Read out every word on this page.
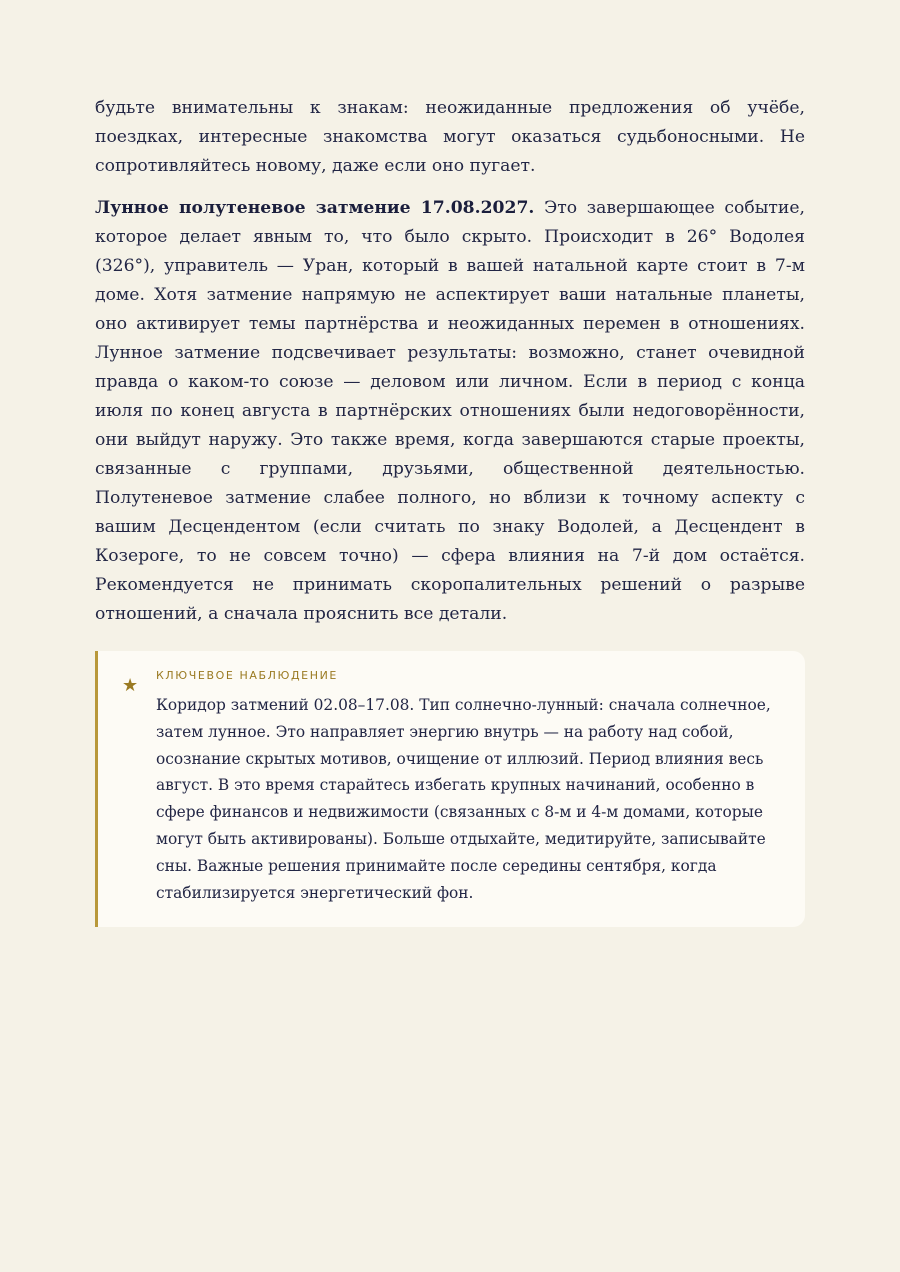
будьте внимательны к знакам: неожиданные предложения об учёбе, поездках, интересные знакомства могут оказаться судьбоносными. Не сопротивляйтесь новому, даже если оно пугает.

Лунное полутеневое затмение 17.08.2027. Это завершающее событие, которое делает явным то, что было скрыто. Происходит в 26° Водолея (326°), управитель — Уран, который в вашей натальной карте стоит в 7-м доме. Хотя затмение напрямую не аспектирует ваши натальные планеты, оно активирует темы партнёрства и неожиданных перемен в отношениях. Лунное затмение подсвечивает результаты: возможно, станет очевидной правда о каком-то союзе — деловом или личном. Если в период с конца июля по конец августа в партнёрских отношениях были недоговорённости, они выйдут наружу. Это также время, когда завершаются старые проекты, связанные с группами, друзьями, общественной деятельностью. Полутеневое затмение слабее полного, но вблизи к точному аспекту с вашим Десцендентом (если считать по знаку Водолей, а Десцендент в Козероге, то не совсем точно) — сфера влияния на 7-й дом остаётся. Рекомендуется не принимать скоропалительных решений о разрыве отношений, а сначала прояснить все детали.

★ КЛЮЧЕВОЕ НАБЛЮДЕНИЕ

Коридор затмений 02.08–17.08. Тип солнечно-лунный: сначала солнечное, затем лунное. Это направляет энергию внутрь — на работу над собой, осознание скрытых мотивов, очищение от иллюзий. Период влияния весь август. В это время старайтесь избегать крупных начинаний, особенно в сфере финансов и недвижимости (связанных с 8-м и 4-м домами, которые могут быть активированы). Больше отдыхайте, медитируйте, записывайте сны. Важные решения принимайте после середины сентября, когда стабилизируется энергетический фон.
